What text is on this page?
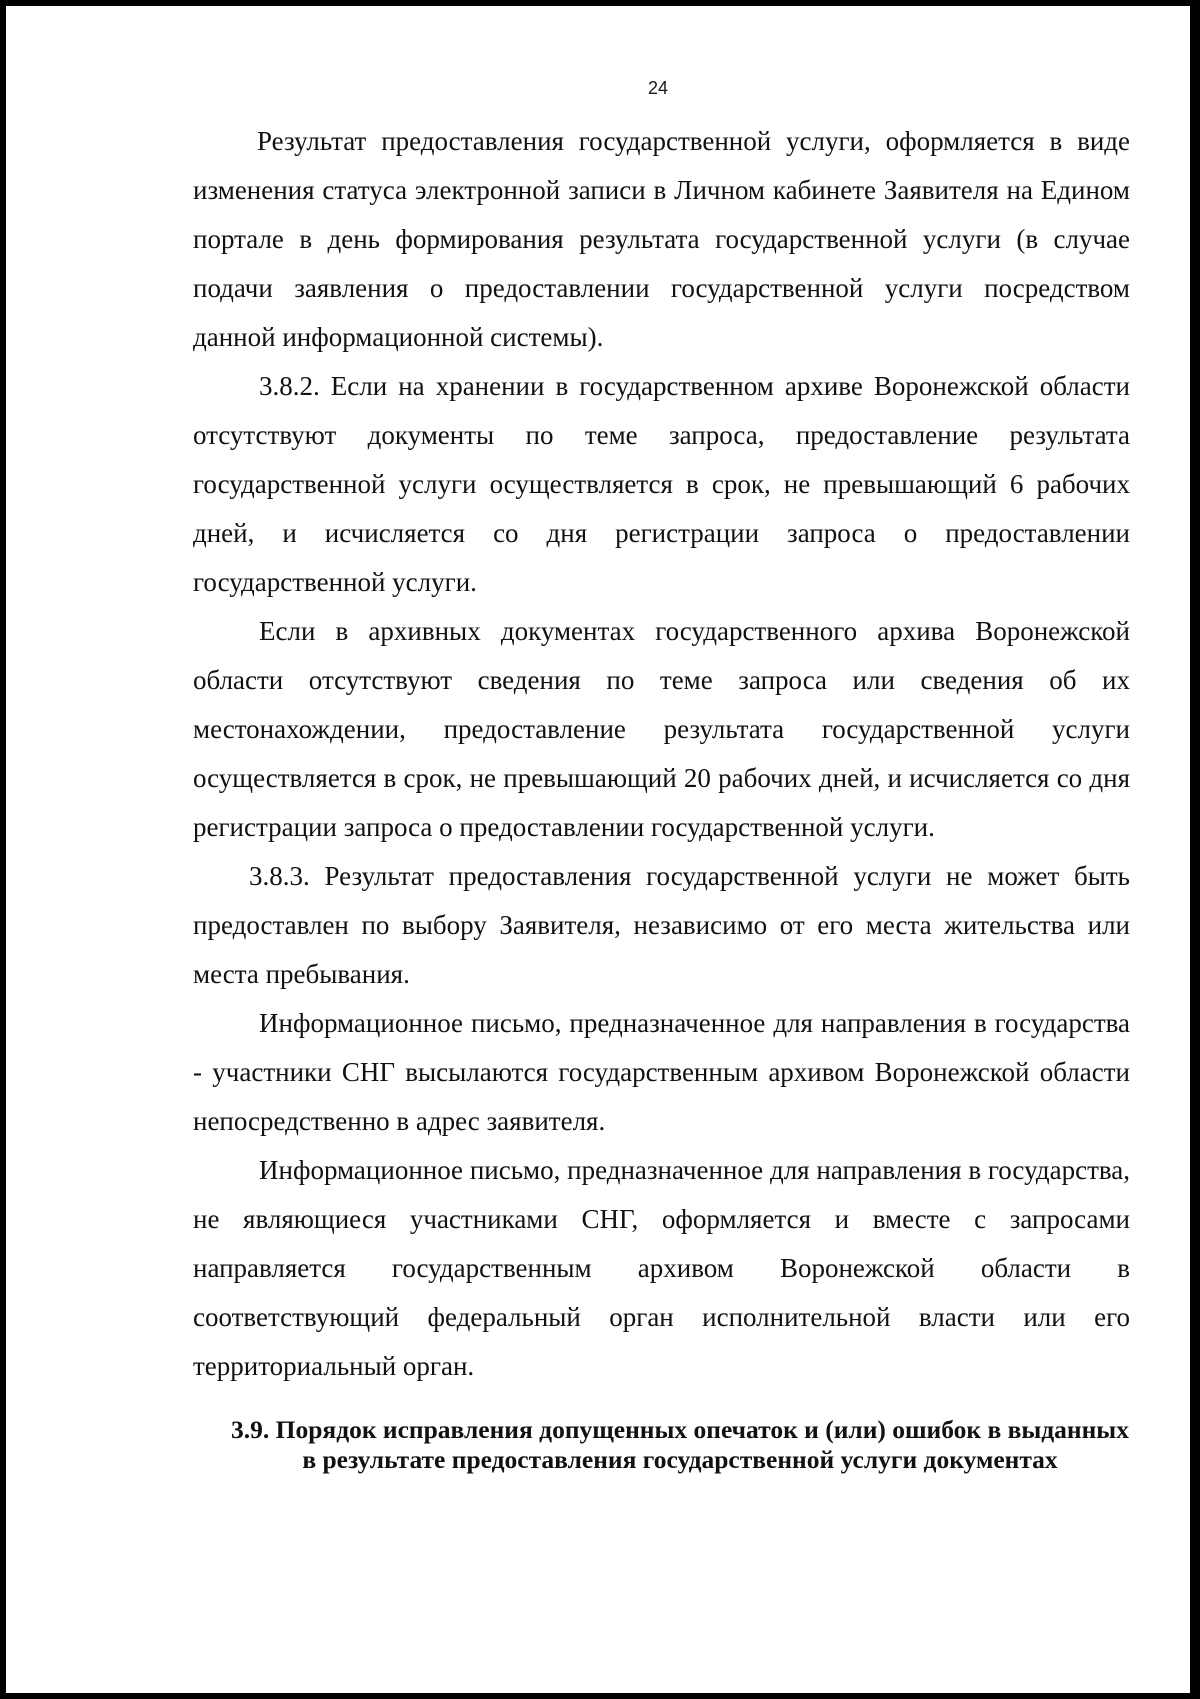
24

Результат предоставления государственной услуги, оформляется в виде изменения статуса электронной записи в Личном кабинете Заявителя на Едином портале в день формирования результата государственной услуги (в случае подачи заявления о предоставлении государственной услуги посредством данной информационной системы).

3.8.2. Если на хранении в государственном архиве Воронежской области отсутствуют документы по теме запроса, предоставление результата государственной услуги осуществляется в срок, не превышающий 6 рабочих дней, и исчисляется со дня регистрации запроса о предоставлении государственной услуги.

Если в архивных документах государственного архива Воронежской области отсутствуют сведения по теме запроса или сведения об их местонахождении, предоставление результата государственной услуги осуществляется в срок, не превышающий 20 рабочих дней, и исчисляется со дня регистрации запроса о предоставлении государственной услуги.

3.8.3. Результат предоставления государственной услуги не может быть предоставлен по выбору Заявителя, независимо от его места жительства или места пребывания.

Информационное письмо, предназначенное для направления в государства - участники СНГ высылаются государственным архивом Воронежской области непосредственно в адрес заявителя.

Информационное письмо, предназначенное для направления в государства, не являющиеся участниками СНГ, оформляется и вместе с запросами направляется государственным архивом Воронежской области в соответствующий федеральный орган исполнительной власти или его территориальный орган.

3.9. Порядок исправления допущенных опечаток и (или) ошибок в выданных в результате предоставления государственной услуги документах
